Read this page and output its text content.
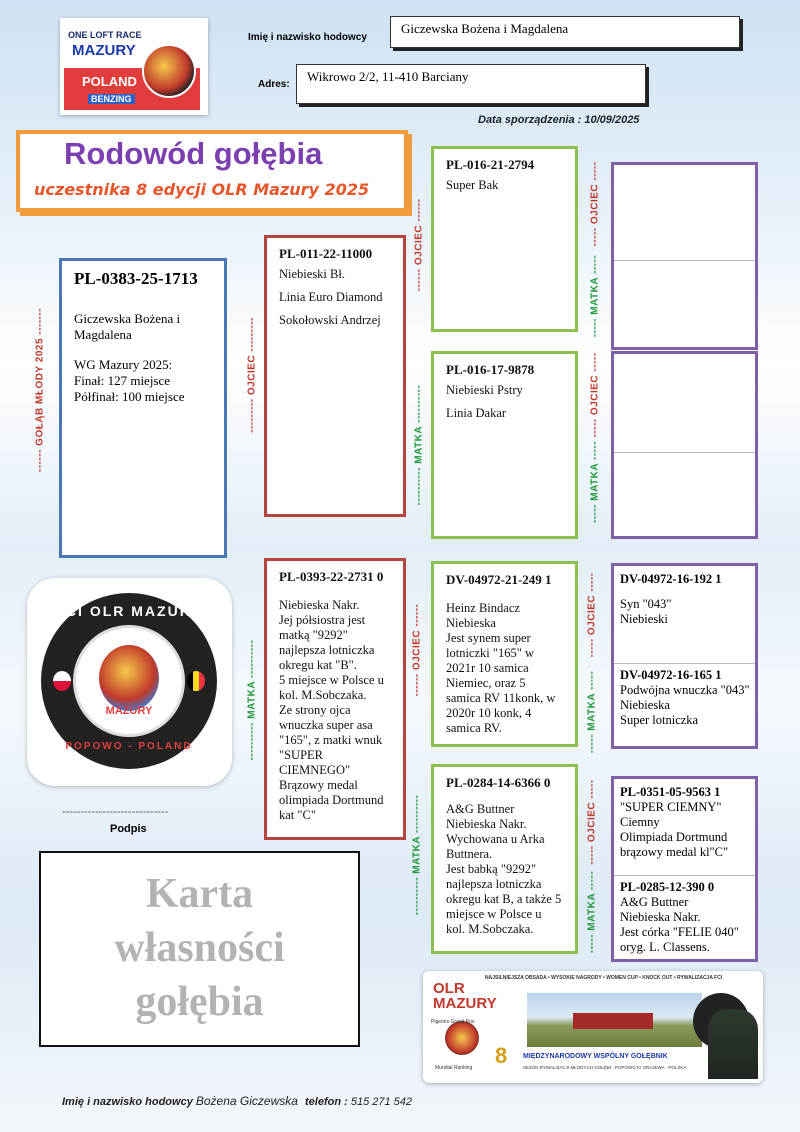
ONE LOFT RACE
MAZURY
POLAND
BENZING
Imię i nazwisko hodowcy
Giczewska Bożena i Magdalena
Adres:
Wikrowo 2/2, 11-410 Barciany
Data sporządzenia : 10/09/2025
Rodowód gołębia
uczestnika 8 edycji OLR Mazury 2025
------ GOŁĄB MŁODY 2025 -------
PL-0383-25-1713
Giczewska Bożena i Magdalena
WG Mazury 2025:
Finał: 127 miejsce
Półfinał: 100 miejsce	--------- OJCIEC ---------
PL-011-22-11000
Niebieski Bł.
Linia Euro Diamond
Sokołowski Andrzej
------ OJCIEC ------
PL-016-21-2794
Super Bak
---------- MATKA ----------
PL-016-17-9878
Niebieski Pstry
Linia Dakar
----- OJCIEC -----
----- MATKA -----
----- OJCIEC -----
----- MATKA -----
FCI OLR MAZURY
MAZURY
POPOWO - POLAND
-----------------------------
Podpis
---------- MATKA ----------
PL-0393-22-2731 0
Niebieska Nakr.
Jej półsiostra jest matką "9292" najlepsza lotniczka okregu kat "B".
5 miejsce w Polsce u kol. M.Sobczaka.
Ze strony ojca wnuczka super asa "165", z matki wnuk "SUPER CIEMNEGO" Brązowy medal olimpiada Dortmund kat "C"
------ OJCIEC ------
DV-04972-21-249 1
Heinz Bindacz
Niebieska
Jest synem super lotniczki "165" w 2021r 10 samica Niemiec, oraz 5 samica RV 11konk, w 2020r 10 konk, 4 samica RV.
---------- MATKA ----------
PL-0284-14-6366 0
A&G Buttner
Niebieska Nakr.
Wychowana u Arka Buttnera.
Jest babką "9292" najlepsza lotniczka okregu kat B, a także 5 miejsce w Polsce u kol. M.Sobczaka.
----- OJCIEC -----
----- MATKA -----
DV-04972-16-192 1
Syn "043"
Niebieski
DV-04972-16-165 1
Podwójna wnuczka "043"
Niebieska
Super lotniczka
----- OJCIEC -----
----- MATKA -----
PL-0351-05-9563 1
"SUPER CIEMNY"
Ciemny
Olimpiada Dortmund brązowy medal kl"C"
PL-0285-12-390 0
A&G Buttner
Niebieska Nakr.
Jest córka "FELIE 040" oryg. L. Classens.
Karta
własności
gołębia
NAJSILNIEJSZA OBSADA • WYSOKIE NAGRODY • WOMEN CUP • KNOCK OUT • RYWALIZACJA FCI
OLR MAZURY
8 MIĘDZYNARODOWY WSPÓLNY GOŁĘBNIK
SEZON RYWALIZACJI MŁODYCH GOŁĘBI · POPOWO K/ GRAJEWA · POLSKA
Pigeons Grand Prix
Mundial Ranking
Imię i nazwisko hodowcy Bożena Giczewska telefon : 515 271 542
